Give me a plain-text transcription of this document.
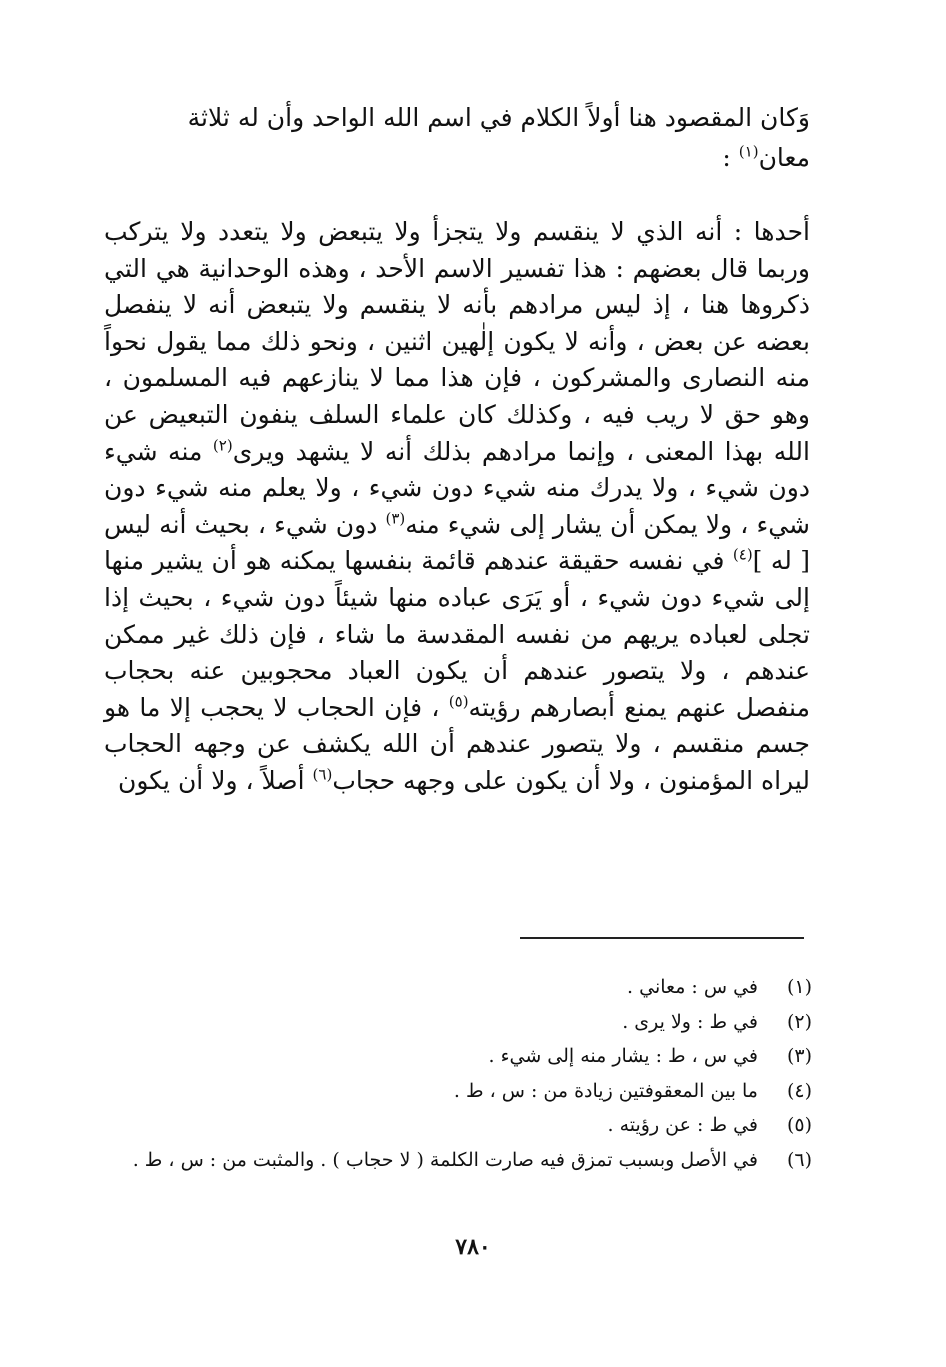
وَكان المقصود هنا أولاً الكلام في اسم الله الواحد وأن له ثلاثة
معان$^{(١)}$ :
أحدها : أنه الذي لا ينقسم ولا يتجزأ ولا يتبعض ولا يتعدد ولا يتركب وربما قال بعضهم : هذا تفسير الاسم الأحد ، وهذه الوحدانية هي التي ذكروها هنا ، إذ ليس مرادهم بأنه لا ينقسم ولا يتبعض أنه لا ينفصل بعضه عن بعض ، وأنه لا يكون إلٰهين اثنين ، ونحو ذلك مما يقول نحواً منه النصارى والمشركون ، فإن هذا مما لا ينازعهم فيه المسلمون ، وهو حق لا ريب فيه ، وكذلك كان علماء السلف ينفون التبعيض عن الله بهذا المعنى ، وإنما مرادهم بذلك أنه لا يشهد ويرى$^{(٢)}$ منه شيء دون شيء ، ولا يدرك منه شيء دون شيء ، ولا يعلم منه شيء دون شيء ، ولا يمكن أن يشار إلى شيء منه$^{(٣)}$ دون شيء ، بحيث أنه ليس [ له ]$^{(٤)}$ في نفسه حقيقة عندهم قائمة بنفسها يمكنه هو أن يشير منها إلى شيء دون شيء ، أو يَرَى عباده منها شيئاً دون شيء ، بحيث إذا تجلى لعباده يريهم من نفسه المقدسة ما شاء ، فإن ذلك غير ممكن عندهم ، ولا يتصور عندهم أن يكون العباد محجوبين عنه بحجاب منفصل عنهم يمنع أبصارهم رؤيته$^{(٥)}$ ، فإن الحجاب لا يحجب إلا ما هو جسم منقسم ، ولا يتصور عندهم أن الله يكشف عن وجهه الحجاب ليراه المؤمنون ، ولا أن يكون على وجهه حجاب$^{(٦)}$ أصلاً ، ولا أن يكون
(١)
في س : معاني .
(٢)
في ط : ولا يرى .
(٣)
في س ، ط : يشار منه إلى شيء .
(٤)
ما بين المعقوفتين زيادة من : س ، ط .
(٥)
في ط : عن رؤيته .
(٦)
في الأصل وبسبب تمزق فيه صارت الكلمة ( لا حجاب ) . والمثبت من : س ، ط .
٧٨٠
